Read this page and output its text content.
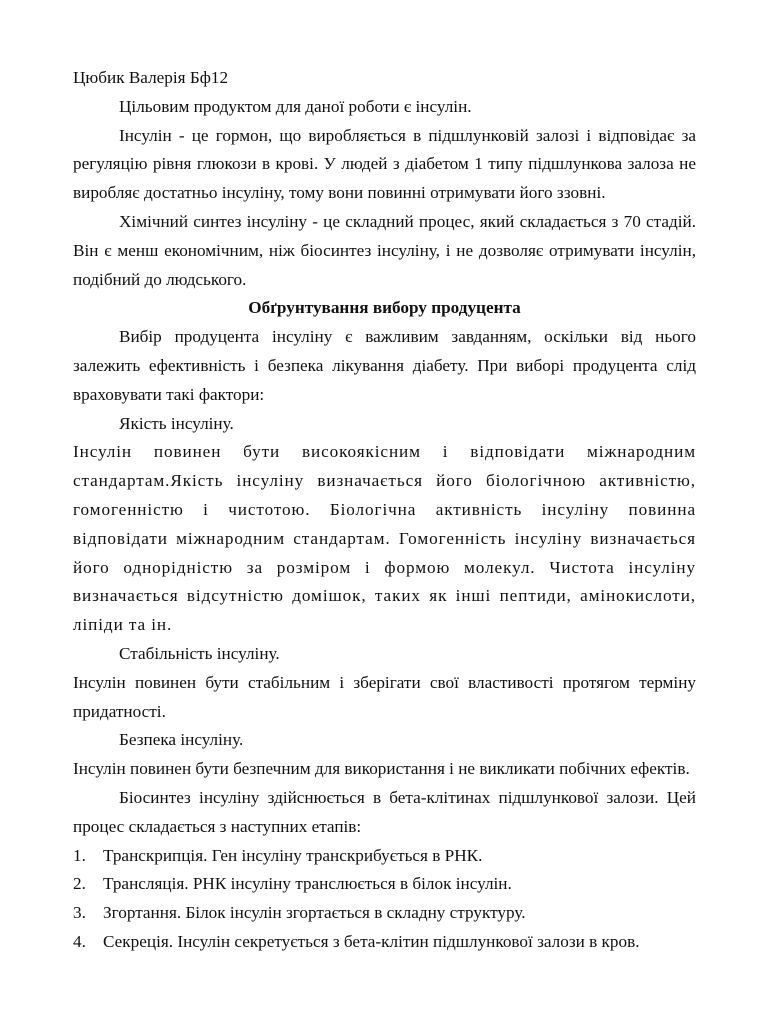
Цюбик Валерія Бф12

Цільовим продуктом для даної роботи є інсулін.

Інсулін - це гормон, що виробляється в підшлунковій залозі і відповідає за регуляцію рівня глюкози в крові. У людей з діабетом 1 типу підшлункова залоза не виробляє достатньо інсуліну, тому вони повинні отримувати його ззовні.

Хімічний синтез інсуліну - це складний процес, який складається з 70 стадій. Він є менш економічним, ніж біосинтез інсуліну, і не дозволяє отримувати інсулін, подібний до людського.

Обґрунтування вибору продуцента

Вибір продуцента інсуліну є важливим завданням, оскільки від нього залежить ефективність і безпека лікування діабету. При виборі продуцента слід враховувати такі фактори:

Якість інсуліну.

Інсулін повинен бути високоякісним і відповідати міжнародним стандартам.Якість інсуліну визначається його біологічною активністю, гомогенністю і чистотою. Біологічна активність інсуліну повинна відповідати міжнародним стандартам. Гомогенність інсуліну визначається його однорідністю за розміром і формою молекул. Чистота інсуліну визначається відсутністю домішок, таких як інші пептиди, амінокислоти, ліпіди та ін.

Стабільність інсуліну.

Інсулін повинен бути стабільним і зберігати свої властивості протягом терміну придатності.

Безпека інсуліну.

Інсулін повинен бути безпечним для використання і не викликати побічних ефектів.

Біосинтез інсуліну здійснюється в бета-клітинах підшлункової залози. Цей процес складається з наступних етапів:

1. Транскрипція. Ген інсуліну транскрибується в РНК.
2. Трансляція. РНК інсуліну транслюється в білок інсулін.
3. Згортання. Білок інсулін згортається в складну структуру.
4. Секреція. Інсулін секретується з бета-клітин підшлункової залози в кров.
